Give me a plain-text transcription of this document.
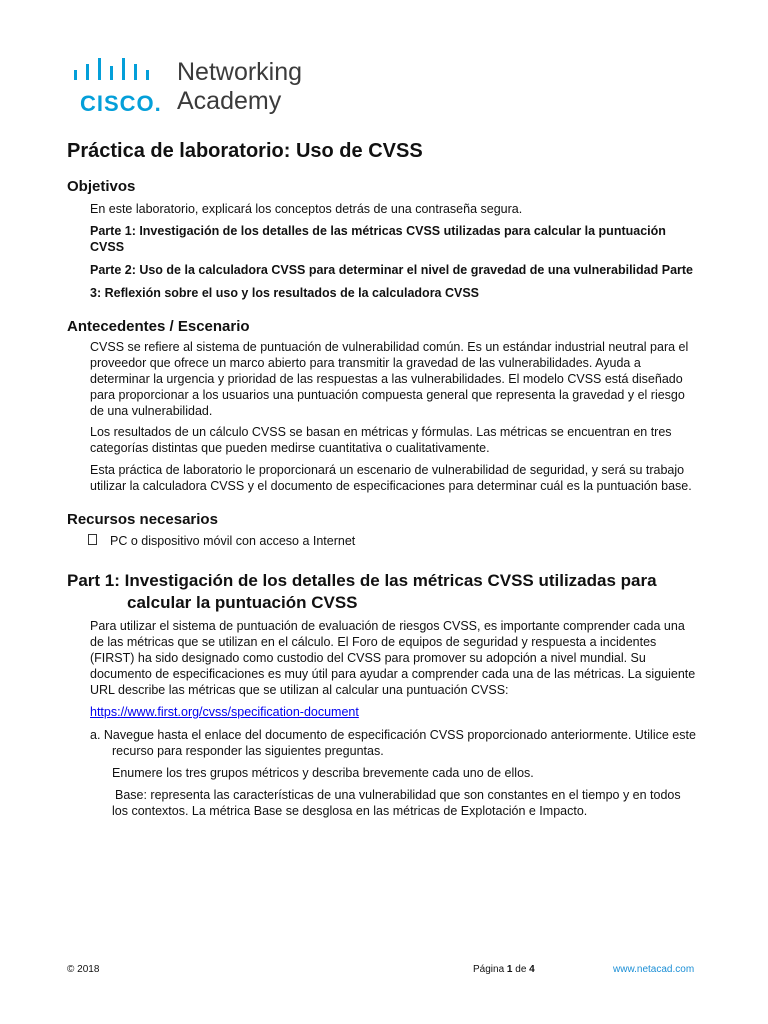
CISCO.
Networking
Academy
Práctica de laboratorio: Uso de CVSS
Objetivos

En este laboratorio, explicará los conceptos detrás de una contraseña segura.

Parte 1: Investigación de los detalles de las métricas CVSS utilizadas para calcular la puntuación CVSS

Parte 2: Uso de la calculadora CVSS para determinar el nivel de gravedad de una vulnerabilidad Parte

3: Reflexión sobre el uso y los resultados de la calculadora CVSS

Antecedentes / Escenario

CVSS se refiere al sistema de puntuación de vulnerabilidad común. Es un estándar industrial neutral para el proveedor que ofrece un marco abierto para transmitir la gravedad de las vulnerabilidades. Ayuda a determinar la urgencia y prioridad de las respuestas a las vulnerabilidades. El modelo CVSS está diseñado para proporcionar a los usuarios una puntuación compuesta general que representa la gravedad y el riesgo de una vulnerabilidad.

Los resultados de un cálculo CVSS se basan en métricas y fórmulas. Las métricas se encuentran en tres categorías distintas que pueden medirse cuantitativa o cualitativamente.

Esta práctica de laboratorio le proporcionará un escenario de vulnerabilidad de seguridad, y será su trabajo utilizar la calculadora CVSS y el documento de especificaciones para determinar cuál es la puntuación base.

Recursos necesarios

PC o dispositivo móvil con acceso a Internet

Part 1: Investigación de los detalles de las métricas CVSS utilizadas para
calcular la puntuación CVSS

Para utilizar el sistema de puntuación de evaluación de riesgos CVSS, es importante comprender cada una de las métricas que se utilizan en el cálculo. El Foro de equipos de seguridad y respuesta a incidentes (FIRST) ha sido designado como custodio del CVSS para promover su adopción a nivel mundial. Su documento de especificaciones es muy útil para ayudar a comprender cada una de las métricas. La siguiente URL describe las métricas que se utilizan al calcular una puntuación CVSS:

https://www.first.org/cvss/specification-document

a. Navegue hasta el enlace del documento de especificación CVSS proporcionado anteriormente. Utilice este recurso para responder las siguientes preguntas.

Enumere los tres grupos métricos y describa brevemente cada uno de ellos.

Base: representa las características de una vulnerabilidad que son constantes en el tiempo y en todos los contextos. La métrica Base se desglosa en las métricas de Explotación e Impacto.

© 2018	Página 1 de 4	www.netacad.com
